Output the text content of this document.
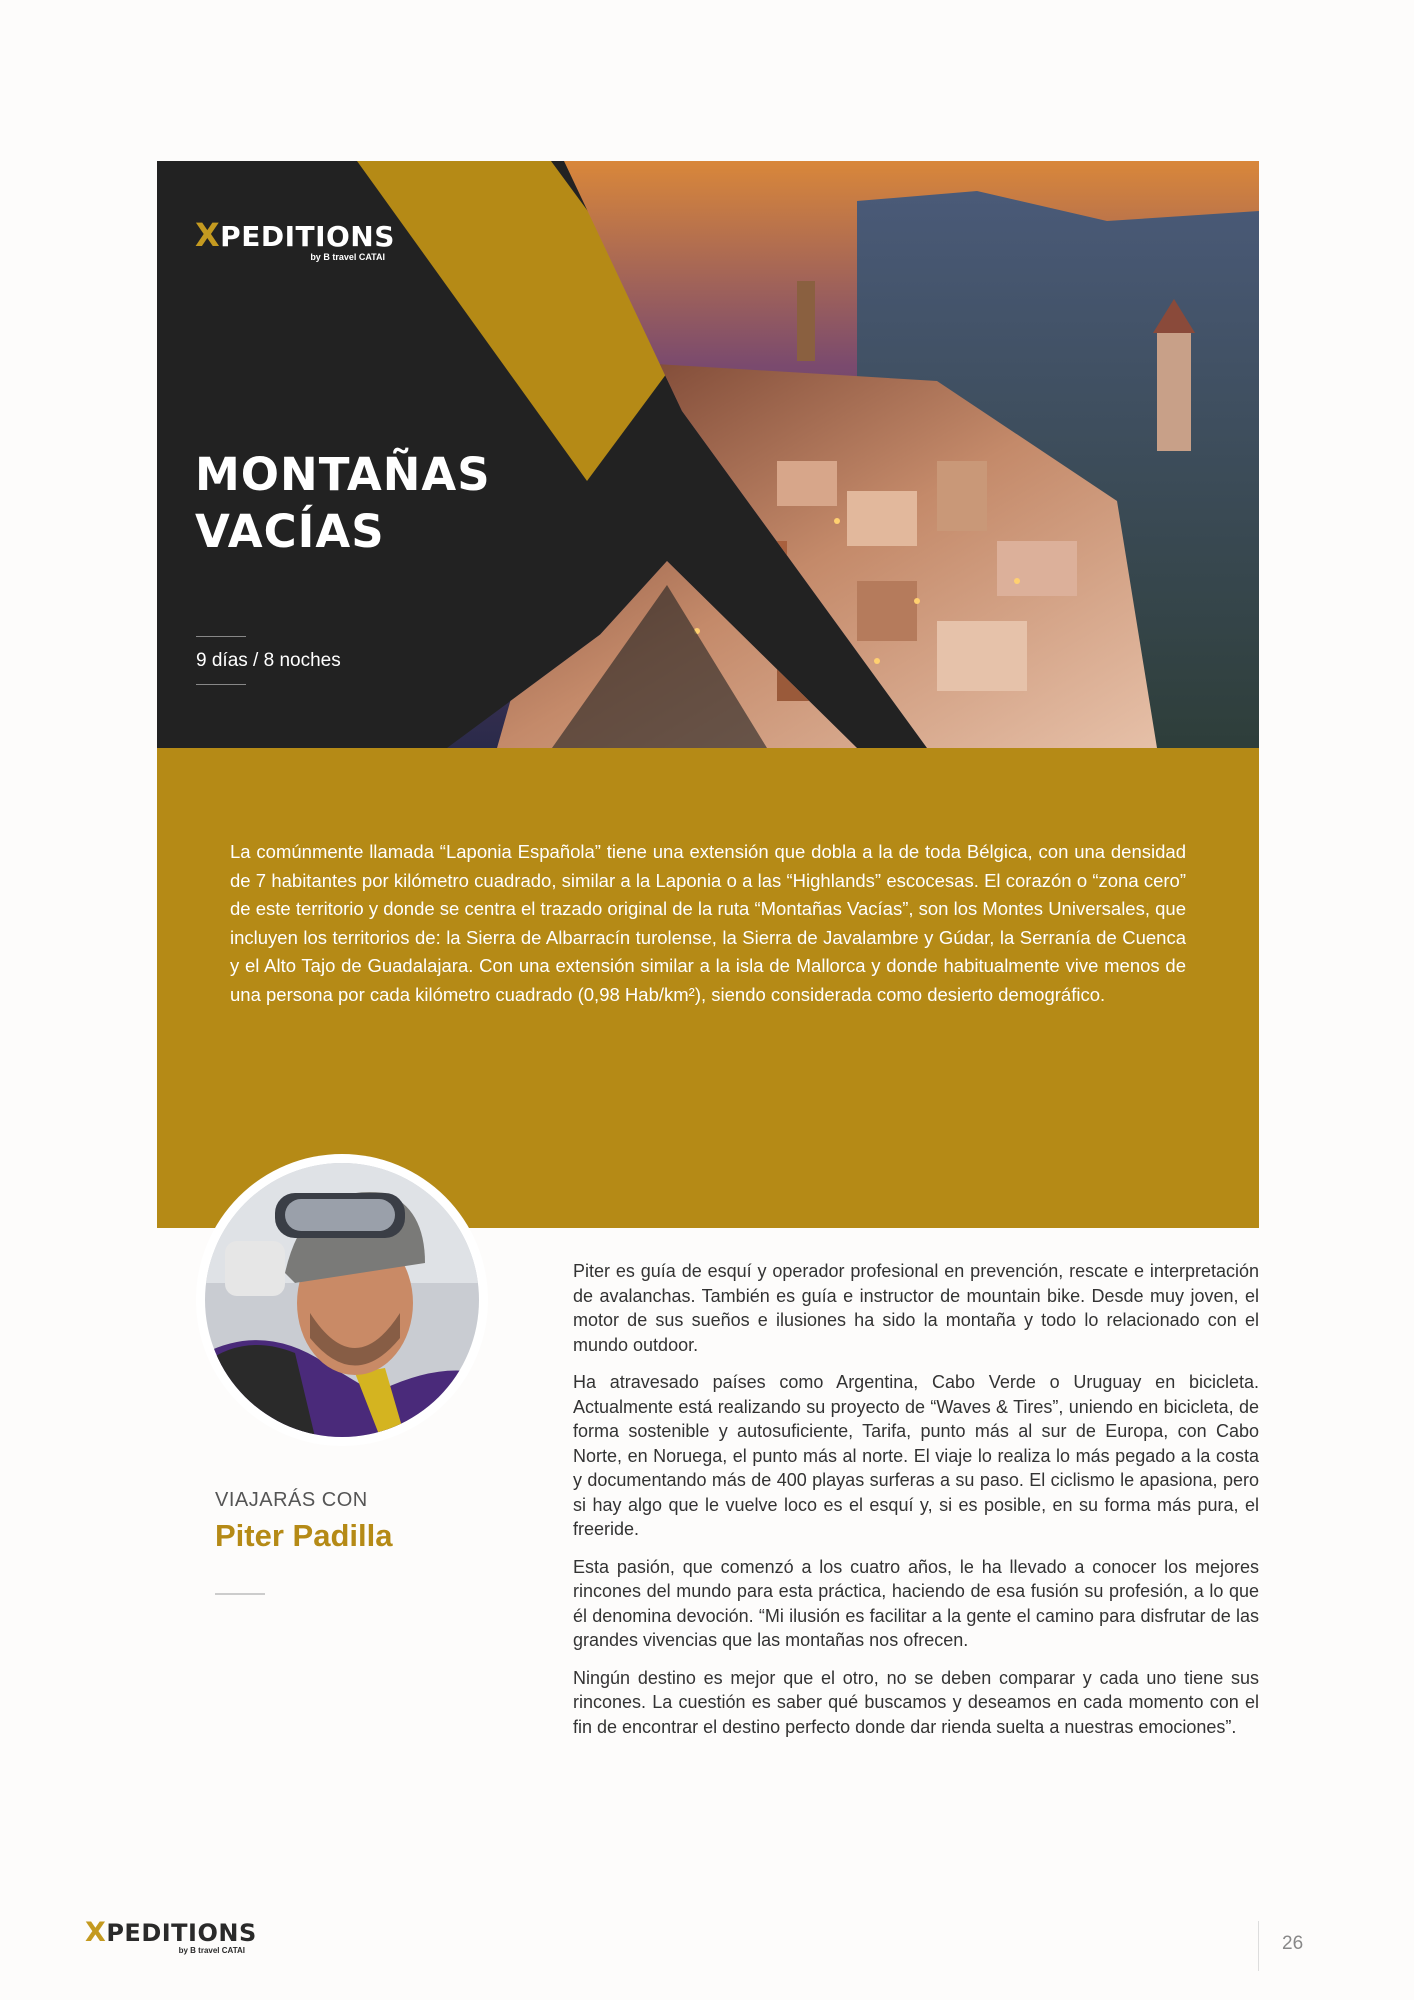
XPEDITIONS
by B travel CATAI
MONTAÑAS
VACÍAS
9 días / 8 noches
La comúnmente llamada “Laponia Española” tiene una extensión que dobla a la de toda Bélgica, con una densidad de 7 habitantes por kilómetro cuadrado, similar a la Laponia o a las “Highlands” escocesas. El corazón o “zona cero” de este territorio y donde se centra el trazado original de la ruta “Montañas Vacías”, son los Montes Universales, que incluyen los territorios de: la Sierra de Albarracín turolense, la Sierra de Javalambre y Gúdar, la Serranía de Cuenca y el Alto Tajo de Guadalajara. Con una extensión similar a la isla de Mallorca y donde habitualmente vive menos de una persona por cada kilómetro cuadrado (0,98 Hab/km²), siendo considerada como desierto demográfico.
VIAJARÁS CON
Piter Padilla

Piter es guía de esquí y operador profesional en prevención, rescate e interpretación de avalanchas. También es guía e instructor de mountain bike. Desde muy joven, el motor de sus sueños e ilusiones ha sido la montaña y todo lo relacionado con el mundo outdoor.

Ha atravesado países como Argentina, Cabo Verde o Uruguay en bicicleta. Actualmente está realizando su proyecto de “Waves & Tires”, uniendo en bicicleta, de forma sostenible y autosuficiente, Tarifa, punto más al sur de Europa, con Cabo Norte, en Noruega, el punto más al norte. El viaje lo realiza lo más pegado a la costa y documentando más de 400 playas surferas a su paso. El ciclismo le apasiona, pero si hay algo que le vuelve loco es el esquí y, si es posible, en su forma más pura, el freeride.

Esta pasión, que comenzó a los cuatro años, le ha llevado a conocer los mejores rincones del mundo para esta práctica, haciendo de esa fusión su profesión, a lo que él denomina devoción. “Mi ilusión es facilitar a la gente el camino para disfrutar de las grandes vivencias que las montañas nos ofrecen.

Ningún destino es mejor que el otro, no se deben comparar y cada uno tiene sus rincones. La cuestión es saber qué buscamos y deseamos en cada momento con el fin de encontrar el destino perfecto donde dar rienda suelta a nuestras emociones”.

XPEDITIONS
by B travel CATAI	26
